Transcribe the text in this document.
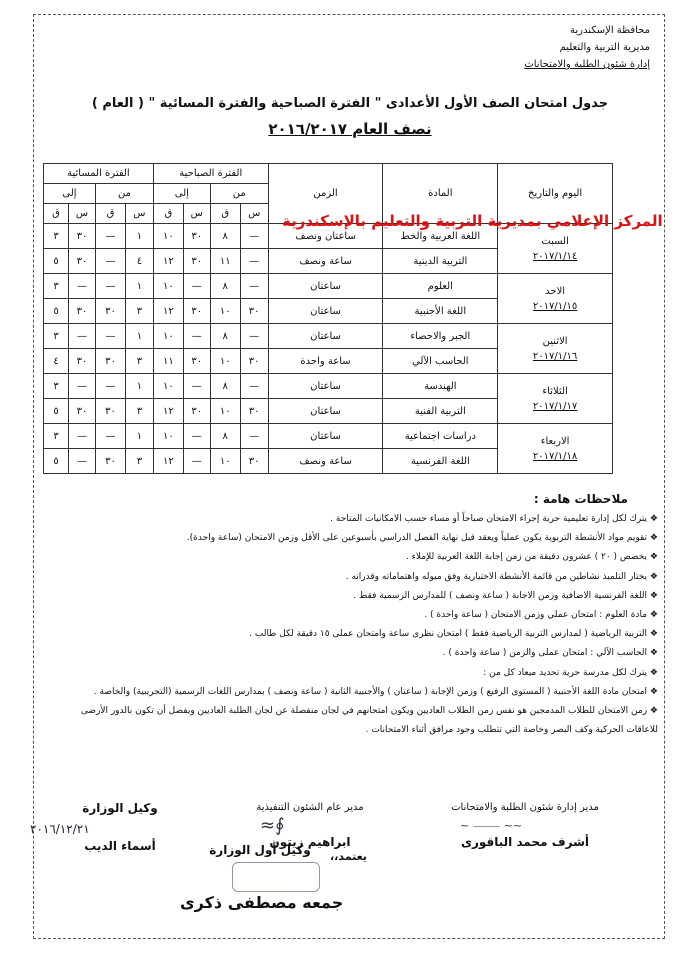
محافظة الإسكندرية
مديرية التربية والتعليم
إدارة شئون الطلبة والامتحانات
جدول امتحان الصف الأول الأعدادى " الفترة الصباحية والفترة المسائية " ( العام )
نصف العام ٢٠١٦/٢٠١٧
اليوم والتاريخ	المادة	الزمن	الفترة الصباحية				الفترة المسائية			
			من		إلى		من		إلى	
			س	ق	س	ق	س	ق	س	ق

السبت
٢٠١٧/١/١٤	اللغة العربية والخط	ساعتان ونصف	—	٨	٣٠	١٠	١	—	٣٠	٣
	التربية الدينية	ساعة ونصف	—	١١	٣٠	١٢	٤	—	٣٠	٥

الاحد
٢٠١٧/١/١٥	العلوم	ساعتان	—	٨	—	١٠	١	—	—	٣
	اللغة الأجنبية	ساعتان	٣٠	١٠	٣٠	١٢	٣	٣٠	٣٠	٥

الاثنين
٢٠١٧/١/١٦	الجبر والاحصاء	ساعتان	—	٨	—	١٠	١	—	—	٣
	الحاسب الآلي	ساعة واحدة	٣٠	١٠	٣٠	١١	٣	٣٠	٣٠	٤

الثلاثاء
٢٠١٧/١/١٧	الهندسة	ساعتان	—	٨	—	١٠	١	—	—	٣
	التربية الفنية	ساعتان	٣٠	١٠	٣٠	١٢	٣	٣٠	٣٠	٥

الاربعاء
٢٠١٧/١/١٨	دراسات اجتماعية	ساعتان	—	٨	—	١٠	١	—	—	٣
	اللغة الفرنسية	ساعة ونصف	٣٠	١٠	—	١٢	٣	٣٠	—	٥
المركز الإعلامي بمديرية التربية والتعليم بالإسكندرية
ملاحظات هامة :
❖ يترك لكل إدارة تعليمية حرية إجراء الامتحان صباحاً أو مساء حسب الامكانيات المتاحة .
❖ تقويم مواد الأنشطة التربوية يكون عملياً ويعقد قبل نهاية الفصل الدراسي بأسبوعين على الأقل وزمن الامتحان (ساعة واحدة).
❖ يخصص ( ٢٠ ) عشرون دقيقة من زمن إجابة اللغة العربية للإملاء .
❖ يختار التلميذ نشاطين من قائمة الأنشطة الاختيارية وفق ميوله واهتماماته وقدراته .
❖ اللغة الفرنسية الاضافية وزمن الاجابة ( ساعة ونصف ) للمدارس الرسمية فقط .
❖ مادة العلوم : امتحان عملي وزمن الامتحان ( ساعة واحدة ) .
❖ التربية الرياضية ( لمدارس التربية الرياضية فقط ) امتحان نظرى ساعة وامتحان عملى ١٥ دقيقة لكل طالب .
❖ الحاسب الآلي : امتحان عملى والزمن ( ساعة واحدة ) .
❖ يترك لكل مدرسة حرية تحديد ميعاد كل من :
❖ امتحان مادة اللغة الأجنبية ( المستوى الرفيع ) وزمن الإجابة ( ساعتان ) والأجنبية الثانية ( ساعة ونصف ) بمدارس اللغات الرسمية (التجريبية) والخاصة .
❖ زمن الامتحان للطلاب المدمجين هو نفس زمن الطلاب العاديين ويكون امتحانهم في لجان منفصلة عن لجان الطلبة العاديين ويفضل أن تكون بالدور الأرضى للاعاقات الحركية وكف البصر وخاصة التي تتطلب وجود مرافق أثناء الامتحانات .
مدير إدارة شئون الطلبة والامتحانات
~~ ⸻ ~
أشرف محمد الباقورى
مدير عام الشئون التنفيذية
∮≈
ابراهيم زيتون
وكيل الوزارة
أسماء الديب
٢٠١٦/١٢/٢١
يعتمد،،
وكيل أول الوزارة
جمعه مصطفى ذكرى
